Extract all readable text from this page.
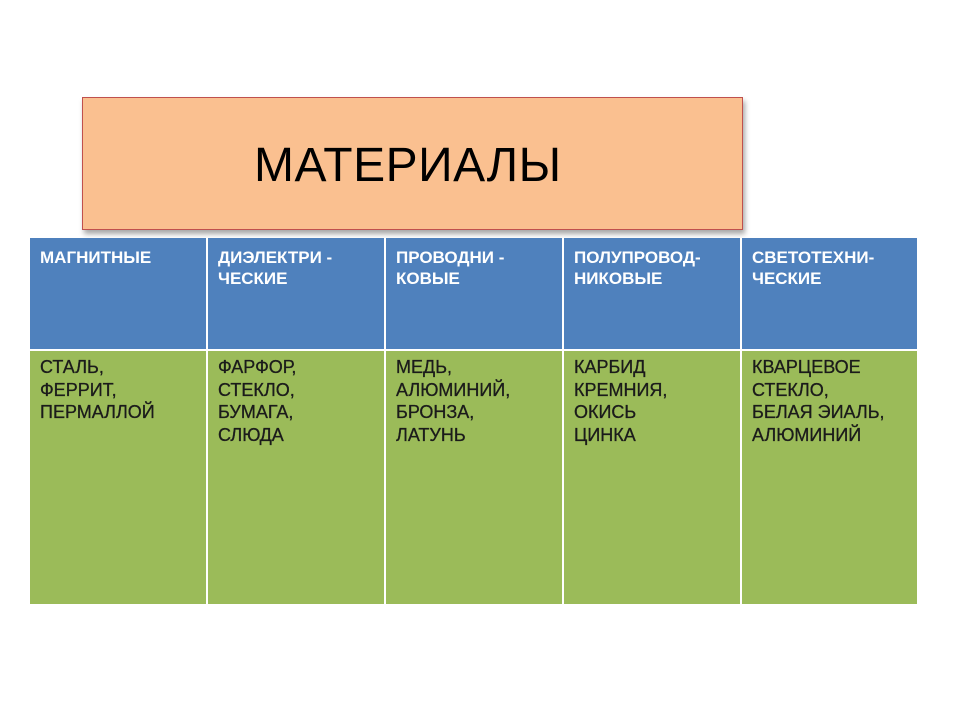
МАТЕРИАЛЫ
МАГНИТНЫЕ	ДИЭЛЕКТРИ -
ЧЕСКИЕ
ПРОВОДНИ -
КОВЫЕ
ПОЛУПРОВОД-
НИКОВЫЕ
СВЕТОТЕХНИ-
ЧЕСКИЕ
СТАЛЬ,
ФЕРРИТ,
ПЕРМАЛЛОЙ
ФАРФОР,
СТЕКЛО,
БУМАГА,
СЛЮДА
МЕДЬ,
АЛЮМИНИЙ,
БРОНЗА,
ЛАТУНЬ
КАРБИД
КРЕМНИЯ,
ОКИСЬ
ЦИНКА
КВАРЦЕВОЕ
СТЕКЛО,
БЕЛАЯ ЭИАЛЬ,
АЛЮМИНИЙ
